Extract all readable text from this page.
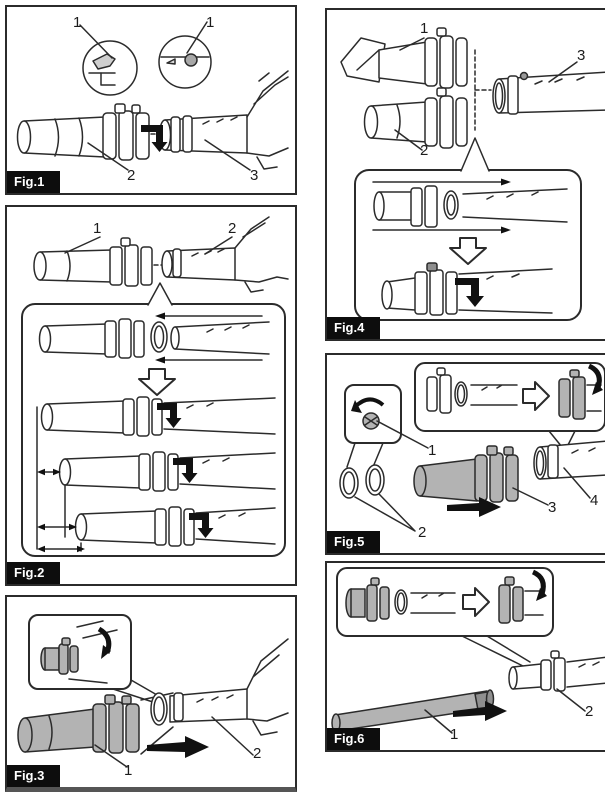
1	1
2	3
Fig.1
1	2
Fig.2
1
2
Fig.3
1
2
3
Fig.4
1
2
3 4
Fig.5
1
2
Fig.6
